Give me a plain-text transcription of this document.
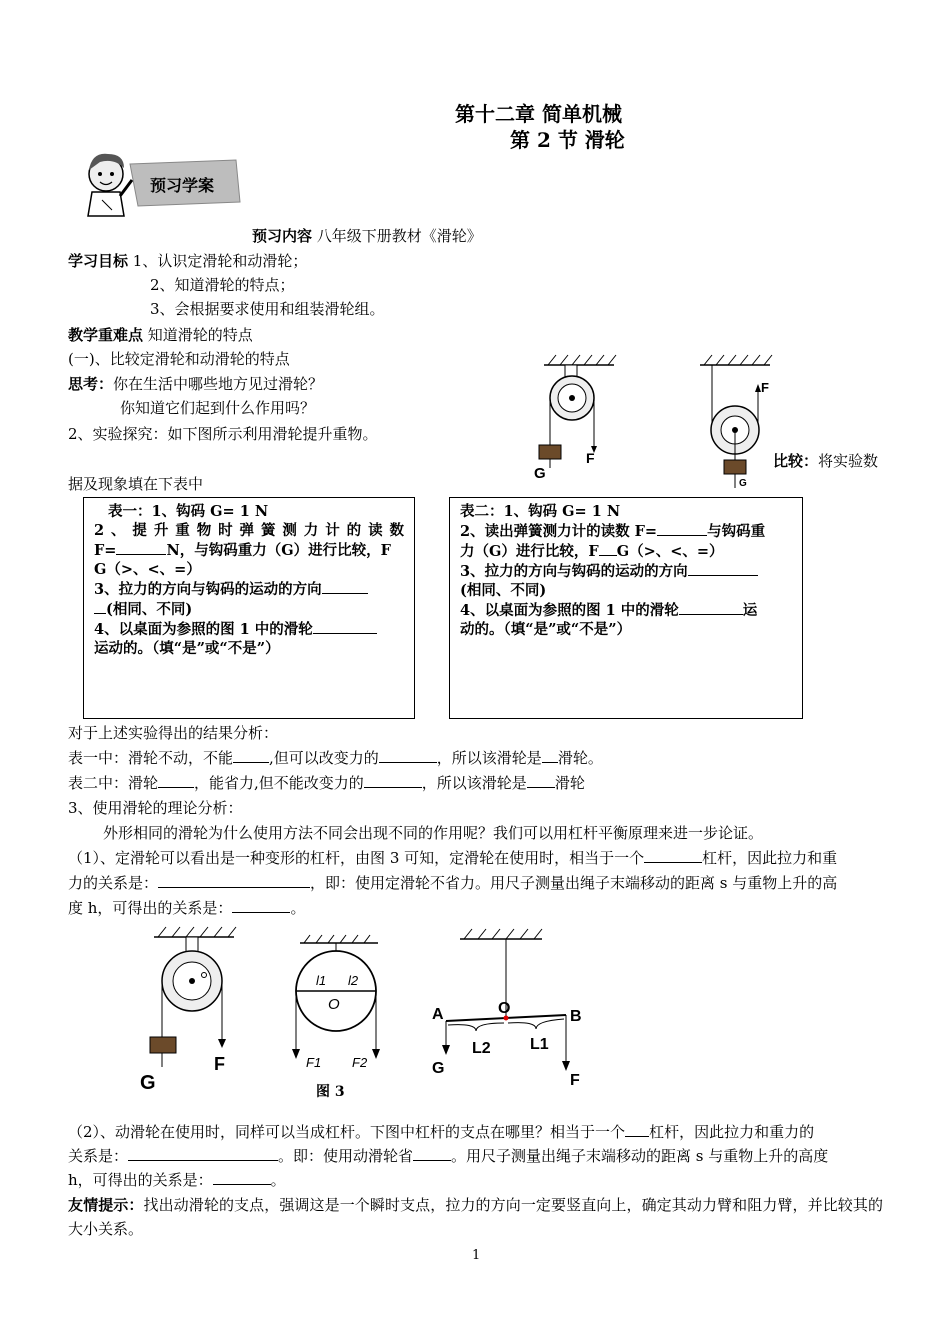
第十二章 简单机械
第 2 节 滑轮
预习学案
预习内容 八年级下册教材《滑轮》
学习目标 1、认识定滑轮和动滑轮；
2、知道滑轮的特点；
3、会根据要求使用和组装滑轮组。
教学重难点 知道滑轮的特点
(一)、比较定滑轮和动滑轮的特点
思考：你在生活中哪些地方见过滑轮？
你知道它们起到什么作用吗？
2、实验探究：如下图所示利用滑轮提升重物。
G
F
F
G
比较：将实验数
据及现象填在下表中
表一：1、钩码 G= 1 N
2、提升重物时弹簧测力计的读数
F=	N，与钩码重力（G）进行比较，F
G（>、<、=）
3、拉力的方向与钩码的运动的方向
(相同、不同)
4、以桌面为参照的图 1 中的滑轮
运动的。（填“是”或“不是”）
表二：1、钩码 G= 1 N
2、读出弹簧测力计的读数 F=	与钩码重
力（G）进行比较，F G（>、<、=）
3、拉力的方向与钩码的运动的方向
(相同、不同)
4、以桌面为参照的图 1 中的滑轮	运
动的。（填“是”或“不是”）
对于上述实验得出的结果分析：
表一中：滑轮不动，不能 ,但可以改变力的	，所以该滑轮是 滑轮。
表二中：滑轮 ，能省力,但不能改变力的	，所以该滑轮是 滑轮
3、使用滑轮的理论分析：
外形相同的滑轮为什么使用方法不同会出现不同的作用呢？我们可以用杠杆平衡原理来进一步论证。
（1）、定滑轮可以看出是一种变形的杠杆，由图 3 可知，定滑轮在使用时，相当于一个	杠杆，因此拉力和重
力的关系是：	，即：使用定滑轮不省力。用尺子测量出绳子末端移动的距离 s 与重物上升的高
度 h，可得出的关系是：	。
G
F
l1 l2
O
F1 F2
A	O	B
L2 L1
G
F
图 3
（2）、动滑轮在使用时，同样可以当成杠杆。下图中杠杆的支点在哪里？相当于一个 杠杆，因此拉力和重力的
关系是：	。即：使用动滑轮省	。用尺子测量出绳子末端移动的距离 s 与重物上升的高度
h，可得出的关系是：	。
友情提示：找出动滑轮的支点，强调这是一个瞬时支点，拉力的方向一定要竖直向上，确定其动力臂和阻力臂，并比较其的大小关系。
1
